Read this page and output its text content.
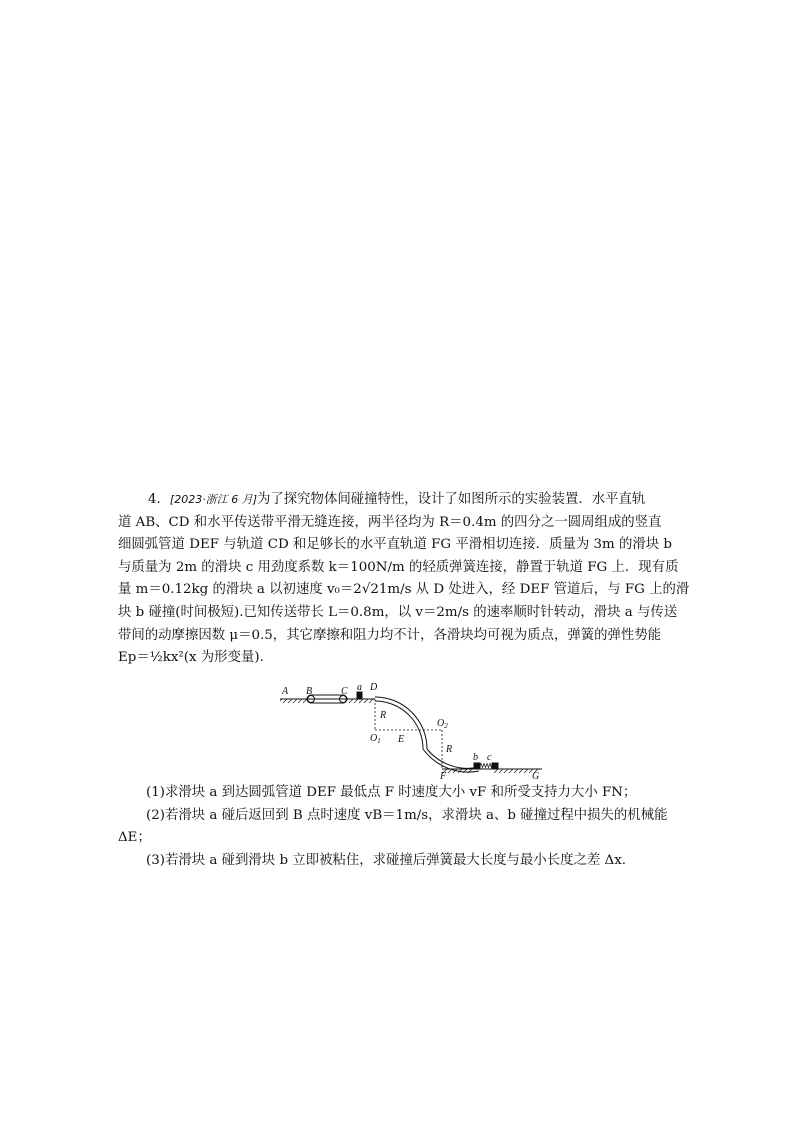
4．[2023·浙江 6 月]为了探究物体间碰撞特性，设计了如图所示的实验装置．水平直轨
道 AB、CD 和水平传送带平滑无缝连接，两半径均为 R＝0.4m 的四分之一圆周组成的竖直
细圆弧管道 DEF 与轨道 CD 和足够长的水平直轨道 FG 平滑相切连接．质量为 3m 的滑块 b
与质量为 2m 的滑块 c 用劲度系数 k＝100N/m 的轻质弹簧连接，静置于轨道 FG 上．现有质
量 m＝0.12kg 的滑块 a 以初速度 v₀＝2√21m/s 从 D 处进入，经 DEF 管道后，与 FG 上的滑
块 b 碰撞(时间极短).已知传送带长 L＝0.8m，以 v＝2m/s 的速率顺时针转动，滑块 a 与传送
带间的动摩擦因数 μ＝0.5，其它摩擦和阻力均不计，各滑块均可视为质点，弹簧的弹性势能
Ep＝½kx²(x 为形变量).
A B	C a D
R
$O_1$ E
$O_2$
R
b c
F	G
(1)求滑块 a 到达圆弧管道 DEF 最低点 F 时速度大小 vF 和所受支持力大小 FN；
(2)若滑块 a 碰后返回到 B 点时速度 vB＝1m/s，求滑块 a、b 碰撞过程中损失的机械能
ΔE；
(3)若滑块 a 碰到滑块 b 立即被粘住，求碰撞后弹簧最大长度与最小长度之差 Δx.
